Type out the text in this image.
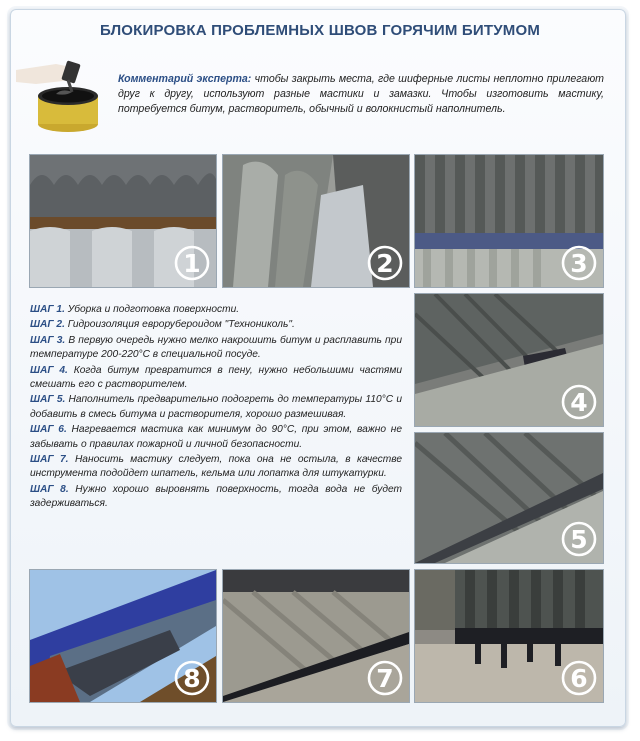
БЛОКИРОВКА ПРОБЛЕМНЫХ ШВОВ ГОРЯЧИМ БИТУМОМ
Комментарий эксперта: чтобы закрыть места, где шиферные листы неплотно прилегают друг к другу, используют разные мастики и замазки. Чтобы изготовить мастику, потребуется битум, растворитель, обычный и волокнистый наполнитель.
1	2	3
4
5
6
7
8

ШАГ 1. Уборка и подготовка поверхности.

ШАГ 2. Гидроизоляция еврорубероидом "Технониколь".

ШАГ 3. В первую очередь нужно мелко накрошить битум и расплавить при температуре 200-220°С в специальной посуде.

ШАГ 4. Когда битум превратится в пену, нужно небольшими частями смешать его с растворителем.

ШАГ 5. Наполнитель предварительно подогреть до температуры 110°С и добавить в смесь битума и растворителя, хорошо размешивая.

ШАГ 6. Нагревается мастика как минимум до 90°С, при этом, важно не забывать о правилах пожарной и личной безопасности.

ШАГ 7. Наносить мастику следует, пока она не остыла, в качестве инструмента подойдет шпатель, кельма или лопатка для штукатурки.

ШАГ 8. Нужно хорошо выровнять поверхность, тогда вода не будет задерживаться.
